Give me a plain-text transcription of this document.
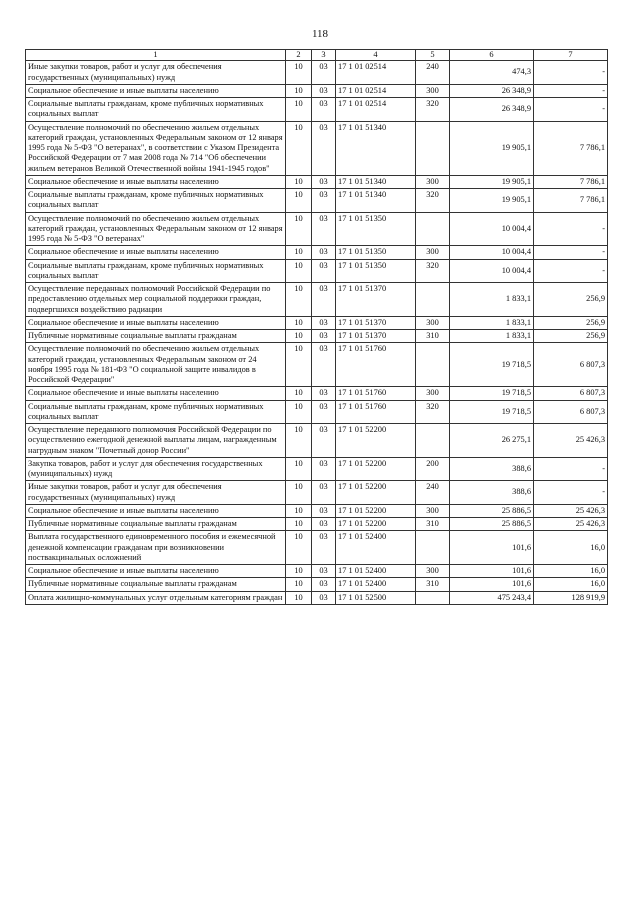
118
1	2	3	4	5	6	7
Иные закупки товаров, работ и услуг для обеспечения государственных (муниципальных) нужд	10	03	17 1 01 02514	240	474,3	-
Социальное обеспечение и иные выплаты населению	10	03	17 1 01 02514	300	26 348,9	-
Социальные выплаты гражданам, кроме публичных нормативных социальных выплат	10	03	17 1 01 02514	320	26 348,9	-
Осуществление полномочий по обеспечению жильем отдельных категорий граждан, установленных Федеральным законом от 12 января 1995 года № 5-ФЗ "О ветеранах", в соответствии с Указом Президента Российской Федерации от 7 мая 2008 года № 714 "Об обеспечении жильем ветеранов Великой Отечественной войны 1941-1945 годов"	10	03	17 1 01 51340		19 905,1	7 786,1
Социальное обеспечение и иные выплаты населению	10	03	17 1 01 51340	300	19 905,1	7 786,1
Социальные выплаты гражданам, кроме публичных нормативных социальных выплат	10	03	17 1 01 51340	320	19 905,1	7 786,1
Осуществление полномочий по обеспечению жильем отдельных категорий граждан, установленных Федеральным законом от 12 января 1995 года № 5-ФЗ "О ветеранах"	10	03	17 1 01 51350		10 004,4	-
Социальное обеспечение и иные выплаты населению	10	03	17 1 01 51350	300	10 004,4	-
Социальные выплаты гражданам, кроме публичных нормативных социальных выплат	10	03	17 1 01 51350	320	10 004,4	-
Осуществление переданных полномочий Российской Федерации по предоставлению отдельных мер социальной поддержки граждан, подвергшихся воздействию радиации	10	03	17 1 01 51370		1 833,1	256,9
Социальное обеспечение и иные выплаты населению	10	03	17 1 01 51370	300	1 833,1	256,9
Публичные нормативные социальные выплаты гражданам	10	03	17 1 01 51370	310	1 833,1	256,9
Осуществление полномочий по обеспечению жильем отдельных категорий граждан, установленных Федеральным законом от 24 ноября 1995 года № 181-ФЗ "О социальной защите инвалидов в Российской Федерации"	10	03	17 1 01 51760		19 718,5	6 807,3
Социальное обеспечение и иные выплаты населению	10	03	17 1 01 51760	300	19 718,5	6 807,3
Социальные выплаты гражданам, кроме публичных нормативных социальных выплат	10	03	17 1 01 51760	320	19 718,5	6 807,3
Осуществление переданного полномочия Российской Федерации по осуществлению ежегодной денежной выплаты лицам, награжденным нагрудным знаком "Почетный донор России"	10	03	17 1 01 52200		26 275,1	25 426,3
Закупка товаров, работ и услуг для обеспечения государственных (муниципальных) нужд	10	03	17 1 01 52200	200	388,6	-
Иные закупки товаров, работ и услуг для обеспечения государственных (муниципальных) нужд	10	03	17 1 01 52200	240	388,6	-
Социальное обеспечение и иные выплаты населению	10	03	17 1 01 52200	300	25 886,5	25 426,3
Публичные нормативные социальные выплаты гражданам	10	03	17 1 01 52200	310	25 886,5	25 426,3
Выплата государственного единовременного пособия и ежемесячной денежной компенсации гражданам при возникновении поствакцинальных осложнений	10	03	17 1 01 52400		101,6	16,0
Социальное обеспечение и иные выплаты населению	10	03	17 1 01 52400	300	101,6	16,0
Публичные нормативные социальные выплаты гражданам	10	03	17 1 01 52400	310	101,6	16,0
Оплата жилищно-коммунальных услуг отдельным категориям граждан	10	03	17 1 01 52500		475 243,4	128 919,9
